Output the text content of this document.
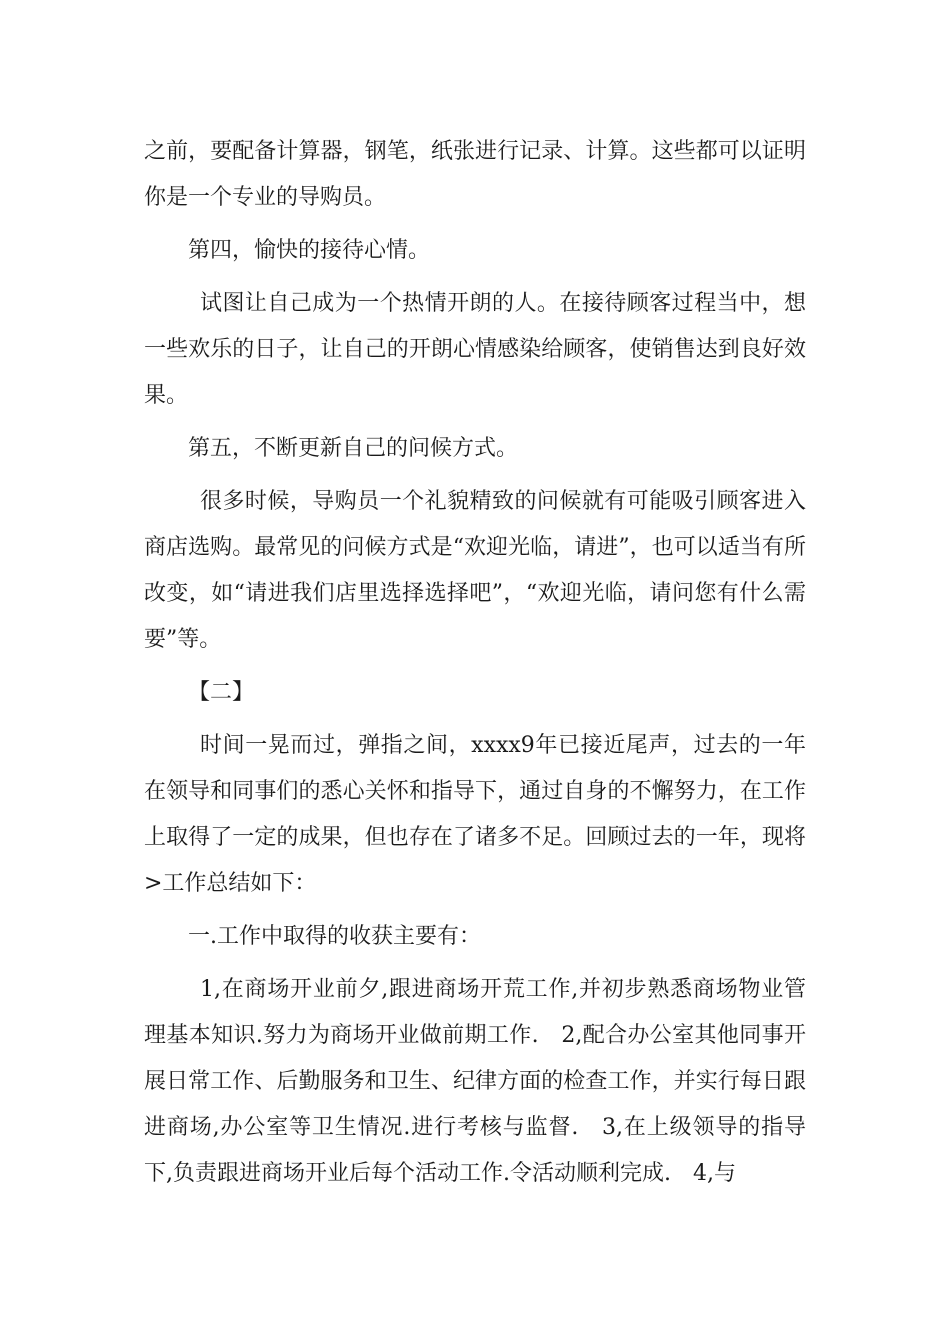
之前，要配备计算器，钢笔，纸张进行记录、计算。这些都可以证明你是一个专业的导购员。

第四，愉快的接待心情。

试图让自己成为一个热情开朗的人。在接待顾客过程当中，想一些欢乐的日子，让自己的开朗心情感染给顾客，使销售达到良好效果。

第五，不断更新自己的问候方式。

很多时候，导购员一个礼貌精致的问候就有可能吸引顾客进入商店选购。最常见的问候方式是“欢迎光临，请进”，也可以适当有所改变，如“请进我们店里选择选择吧”，“欢迎光临，请问您有什么需要”等。

【二】

时间一晃而过，弹指之间，xxxx9年已接近尾声，过去的一年在领导和同事们的悉心关怀和指导下，通过自身的不懈努力，在工作上取得了一定的成果，但也存在了诸多不足。回顾过去的一年，现将>工作总结如下：

一.工作中取得的收获主要有：

1,在商场开业前夕,跟进商场开荒工作,并初步熟悉商场物业管理基本知识.努力为商场开业做前期工作.　2,配合办公室其他同事开展日常工作、后勤服务和卫生、纪律方面的检查工作，并实行每日跟进商场,办公室等卫生情况.进行考核与监督.　3,在上级领导的指导下,负责跟进商场开业后每个活动工作.令活动顺利完成.　4,与
